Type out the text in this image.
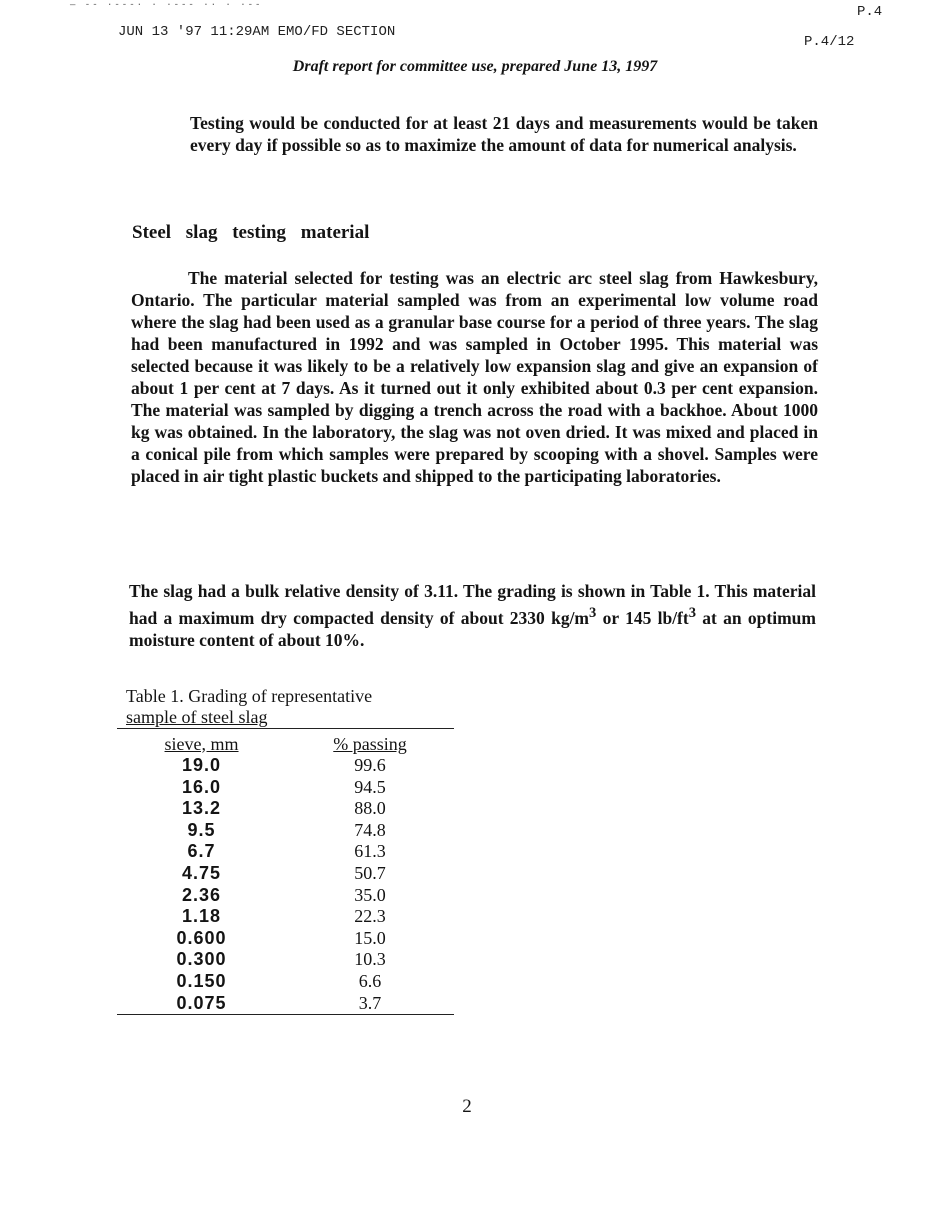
— -- ·---· · ·--- ·· · ·--
JUN 13 '97 11:29AM EMO/FD SECTION
P.4
P.4/12
Draft report for committee use, prepared June 13, 1997

Testing would be conducted for at least 21 days and measurements would be taken every day if possible so as to maximize the amount of data for numerical analysis.

Steel slag testing material

The material selected for testing was an electric arc steel slag from Hawkesbury, Ontario. The particular material sampled was from an experimental low volume road where the slag had been used as a granular base course for a period of three years. The slag had been manufactured in 1992 and was sampled in October 1995. This material was selected because it was likely to be a relatively low expansion slag and give an expansion of about 1 per cent at 7 days. As it turned out it only exhibited about 0.3 per cent expansion. The material was sampled by digging a trench across the road with a backhoe. About 1000 kg was obtained. In the laboratory, the slag was not oven dried. It was mixed and placed in a conical pile from which samples were prepared by scooping with a shovel. Samples were placed in air tight plastic buckets and shipped to the participating laboratories.

The slag had a bulk relative density of 3.11. The grading is shown in Table 1. This material had a maximum dry compacted density of about 2330 $kg/m^3$ or 145 $lb/ft^3$ at an optimum moisture content of about 10%.

Table 1. Grading of representative
sample of steel slag

sieve, mm	% passing
19.0	99.6
16.0	94.5
13.2	88.0
9.5	74.8
6.7	61.3
4.75	50.7
2.36	35.0
1.18	22.3
0.600	15.0
0.300	10.3
0.150	6.6
0.075	3.7
2
